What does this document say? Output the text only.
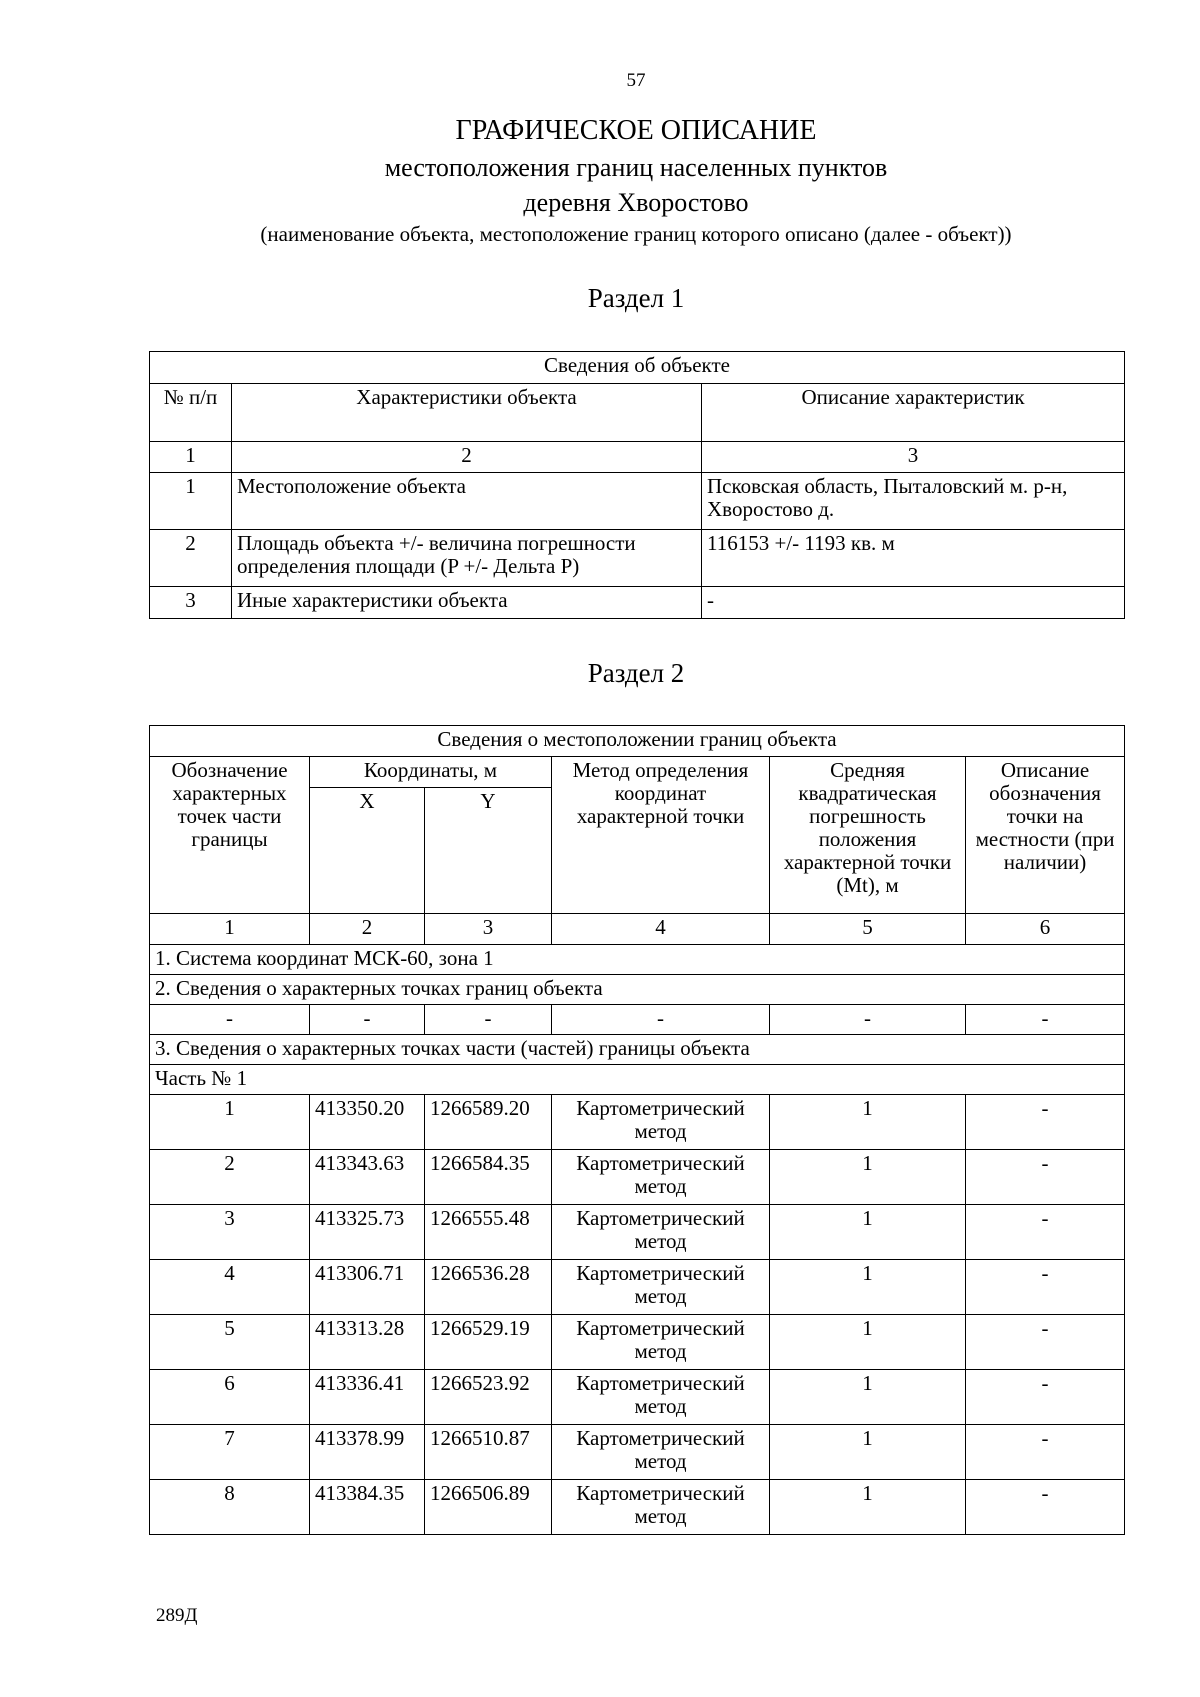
57
ГРАФИЧЕСКОЕ ОПИСАНИЕ
местоположения границ населенных пунктов
деревня Хворостово
(наименование объекта, местоположение границ которого описано (далее - объект))
Раздел 1
Сведения об объекте		
№ п/п	Характеристики объекта	Описание характеристик
1	2	3
1	Местоположение объекта	Псковская область, Пыталовский м. р-н, Хворостово д.
2	Площадь объекта +/- величина погрешности определения площади (P +/- Дельта P)	116153 +/- 1193 кв. м
3	Иные характеристики объекта	-
Раздел 2
Сведения о местоположении границ объекта					
Обозначение характерных точек части границы	Координаты, м		Метод определения координат характерной точки	Средняя квадратическая погрешность положения характерной точки (Mt), м	Описание обозначения точки на местности (при наличии)
	X	Y			
1	2	3	4	5	6
1. Система координат МСК-60, зона 1					
2. Сведения о характерных точках границ объекта					
-	-	-	-	-	-
3. Сведения о характерных точках части (частей) границы объекта					
Часть № 1					
1	413350.20	1266589.20	Картометрический метод	1	-
2	413343.63	1266584.35	Картометрический метод	1	-
3	413325.73	1266555.48	Картометрический метод	1	-
4	413306.71	1266536.28	Картометрический метод	1	-
5	413313.28	1266529.19	Картометрический метод	1	-
6	413336.41	1266523.92	Картометрический метод	1	-
7	413378.99	1266510.87	Картометрический метод	1	-
8	413384.35	1266506.89	Картометрический метод	1	-
289Д
